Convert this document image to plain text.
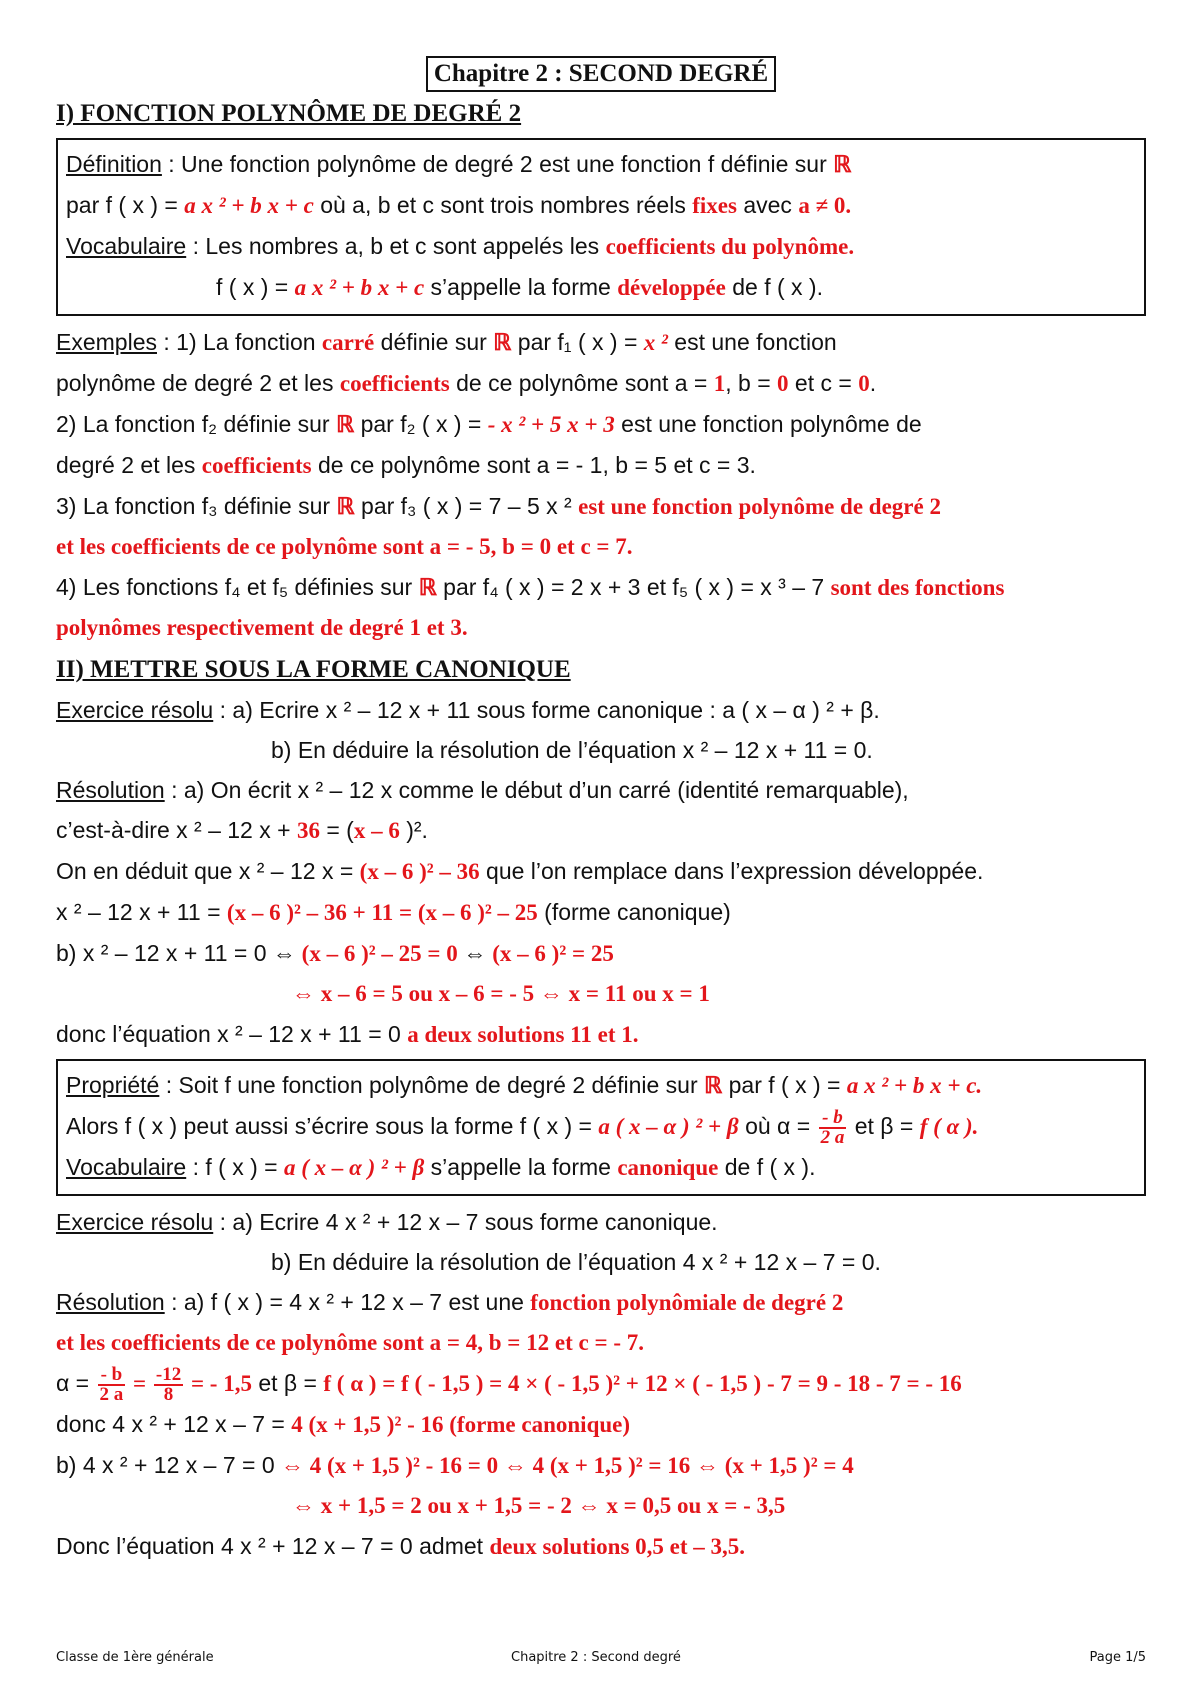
Chapitre 2 : SECOND DEGRÉ
I) FONCTION POLYNÔME DE DEGRÉ 2
Définition : Une fonction polynôme de degré 2 est une fonction f définie sur ℝ
par f ( x ) = a x ² + b x + c où a, b et c sont trois nombres réels fixes avec a ≠ 0.
Vocabulaire : Les nombres a, b et c sont appelés les coefficients du polynôme.
f ( x ) = a x ² + b x + c s’appelle la forme développée de f ( x ).
Exemples : 1) La fonction carré définie sur ℝ par f₁ ( x ) = x ² est une fonction
polynôme de degré 2 et les coefficients de ce polynôme sont a = 1, b = 0 et c = 0.
2) La fonction f₂ définie sur ℝ par f₂ ( x ) = - x ² + 5 x + 3 est une fonction polynôme de
degré 2 et les coefficients de ce polynôme sont a = - 1, b = 5 et c = 3.
3) La fonction f₃ définie sur ℝ par f₃ ( x ) = 7 – 5 x ² est une fonction polynôme de degré 2
et les coefficients de ce polynôme sont a = - 5, b = 0 et c = 7.
4) Les fonctions f₄ et f₅ définies sur ℝ par f₄ ( x ) = 2 x + 3 et f₅ ( x ) = x ³ – 7 sont des fonctions
polynômes respectivement de degré 1 et 3.
II) METTRE SOUS LA FORME CANONIQUE
Exercice résolu : a) Ecrire x ² – 12 x + 11 sous forme canonique : a ( x – α ) ² + β.
b) En déduire la résolution de l’équation x ² – 12 x + 11 = 0.
Résolution : a) On écrit x ² – 12 x comme le début d’un carré (identité remarquable),
c’est-à-dire x ² – 12 x + 36 = (x – 6 )².
On en déduit que x ² – 12 x = (x – 6 )² – 36 que l’on remplace dans l’expression développée.
x ² – 12 x + 11 = (x – 6 )² – 36 + 11 = (x – 6 )² – 25 (forme canonique)
b) x ² – 12 x + 11 = 0 ⇔ (x – 6 )² – 25 = 0 ⇔ (x – 6 )² = 25
⇔ x – 6 = 5 ou x – 6 = - 5 ⇔ x = 11 ou x = 1
donc l’équation x ² – 12 x + 11 = 0 a deux solutions 11 et 1.
Propriété : Soit f une fonction polynôme de degré 2 définie sur ℝ par f ( x ) = a x ² + b x + c.
Alors f ( x ) peut aussi s’écrire sous la forme f ( x ) = a ( x – α ) ² + β où $\alpha = \frac{- b}{2 a}$ et β = f ( α ).
Vocabulaire : f ( x ) = a ( x – α ) ² + β s’appelle la forme canonique de f ( x ).
Exercice résolu : a) Ecrire 4 x ² + 12 x – 7 sous forme canonique.
b) En déduire la résolution de l’équation 4 x ² + 12 x – 7 = 0.
Résolution : a) f ( x ) = 4 x ² + 12 x – 7 est une fonction polynômiale de degré 2
et les coefficients de ce polynôme sont a = 4, b = 12 et c = - 7.
$\alpha = \frac{- b}{2 a} = \frac{-12}{8}$ = - 1,5 et β = f ( α ) = f ( - 1,5 ) = 4 × ( - 1,5 )² + 12 × ( - 1,5 ) - 7 = 9 - 18 - 7 = - 16
donc 4 x ² + 12 x – 7 = 4 (x + 1,5 )² - 16 (forme canonique)
b) 4 x ² + 12 x – 7 = 0 ⇔ 4 (x + 1,5 )² - 16 = 0 ⇔ 4 (x + 1,5 )² = 16 ⇔ (x + 1,5 )² = 4
⇔ x + 1,5 = 2 ou x + 1,5 = - 2 ⇔ x = 0,5 ou x = - 3,5
Donc l’équation 4 x ² + 12 x – 7 = 0 admet deux solutions 0,5 et – 3,5.
Classe de 1ère générale	Chapitre 2 : Second degré	Page 1/5
